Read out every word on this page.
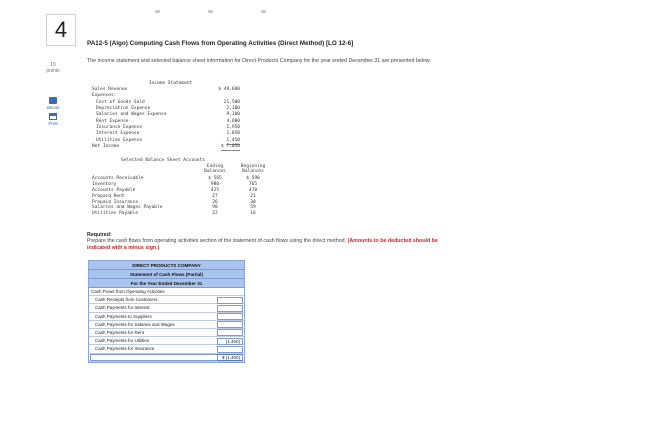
4
10
points
eBook
Print
PA12-5 (Algo) Computing Cash Flows from Operating Activities (Direct Method) [LO 12-6]
The income statement and selected balance sheet information for Direct Products Company for the year ended December 31 are presented below.
Income Statement
Sales Revenue	$ 49,600
Expenses:
Cost of Goods Sold	21,500
Depreciation Expense	2,100
Salaries and Wages Expense	9,100
Rent Expense	4,600
Insurance Expense	1,950
Interest Expense	1,850
Utilities Expense	1,450
Net Income	$ 7,050
Selected Balance Sheet Accounts
Ending Balances
Beginning Balances
Accounts Receivable	$ 565	$ 590
Inventory	980	765
Accounts Payable	425	470
Prepaid Rent	27	21
Prepaid Insurance	26	30
Salaries and Wages Payable	98	59
Utilities Payable	22	16
Required:
Prepare the cash flows from operating activities section of the statement of cash flows using the direct method. (Amounts to be deducted should be indicated with a minus sign.)
DIRECT PRODUCTS COMPANY
Statement of Cash Flows (Partial)
For the Year Ended December 31
Cash Flows from Operating Activities
Cash Receipts from Customers
Cash Payments for Interest
Cash Payments to Suppliers
Cash Payments for Salaries and Wages
Cash Payments for Rent
Cash Payments for Utilities	(1,450)
Cash Payments for Insurance
$ (1,450)
